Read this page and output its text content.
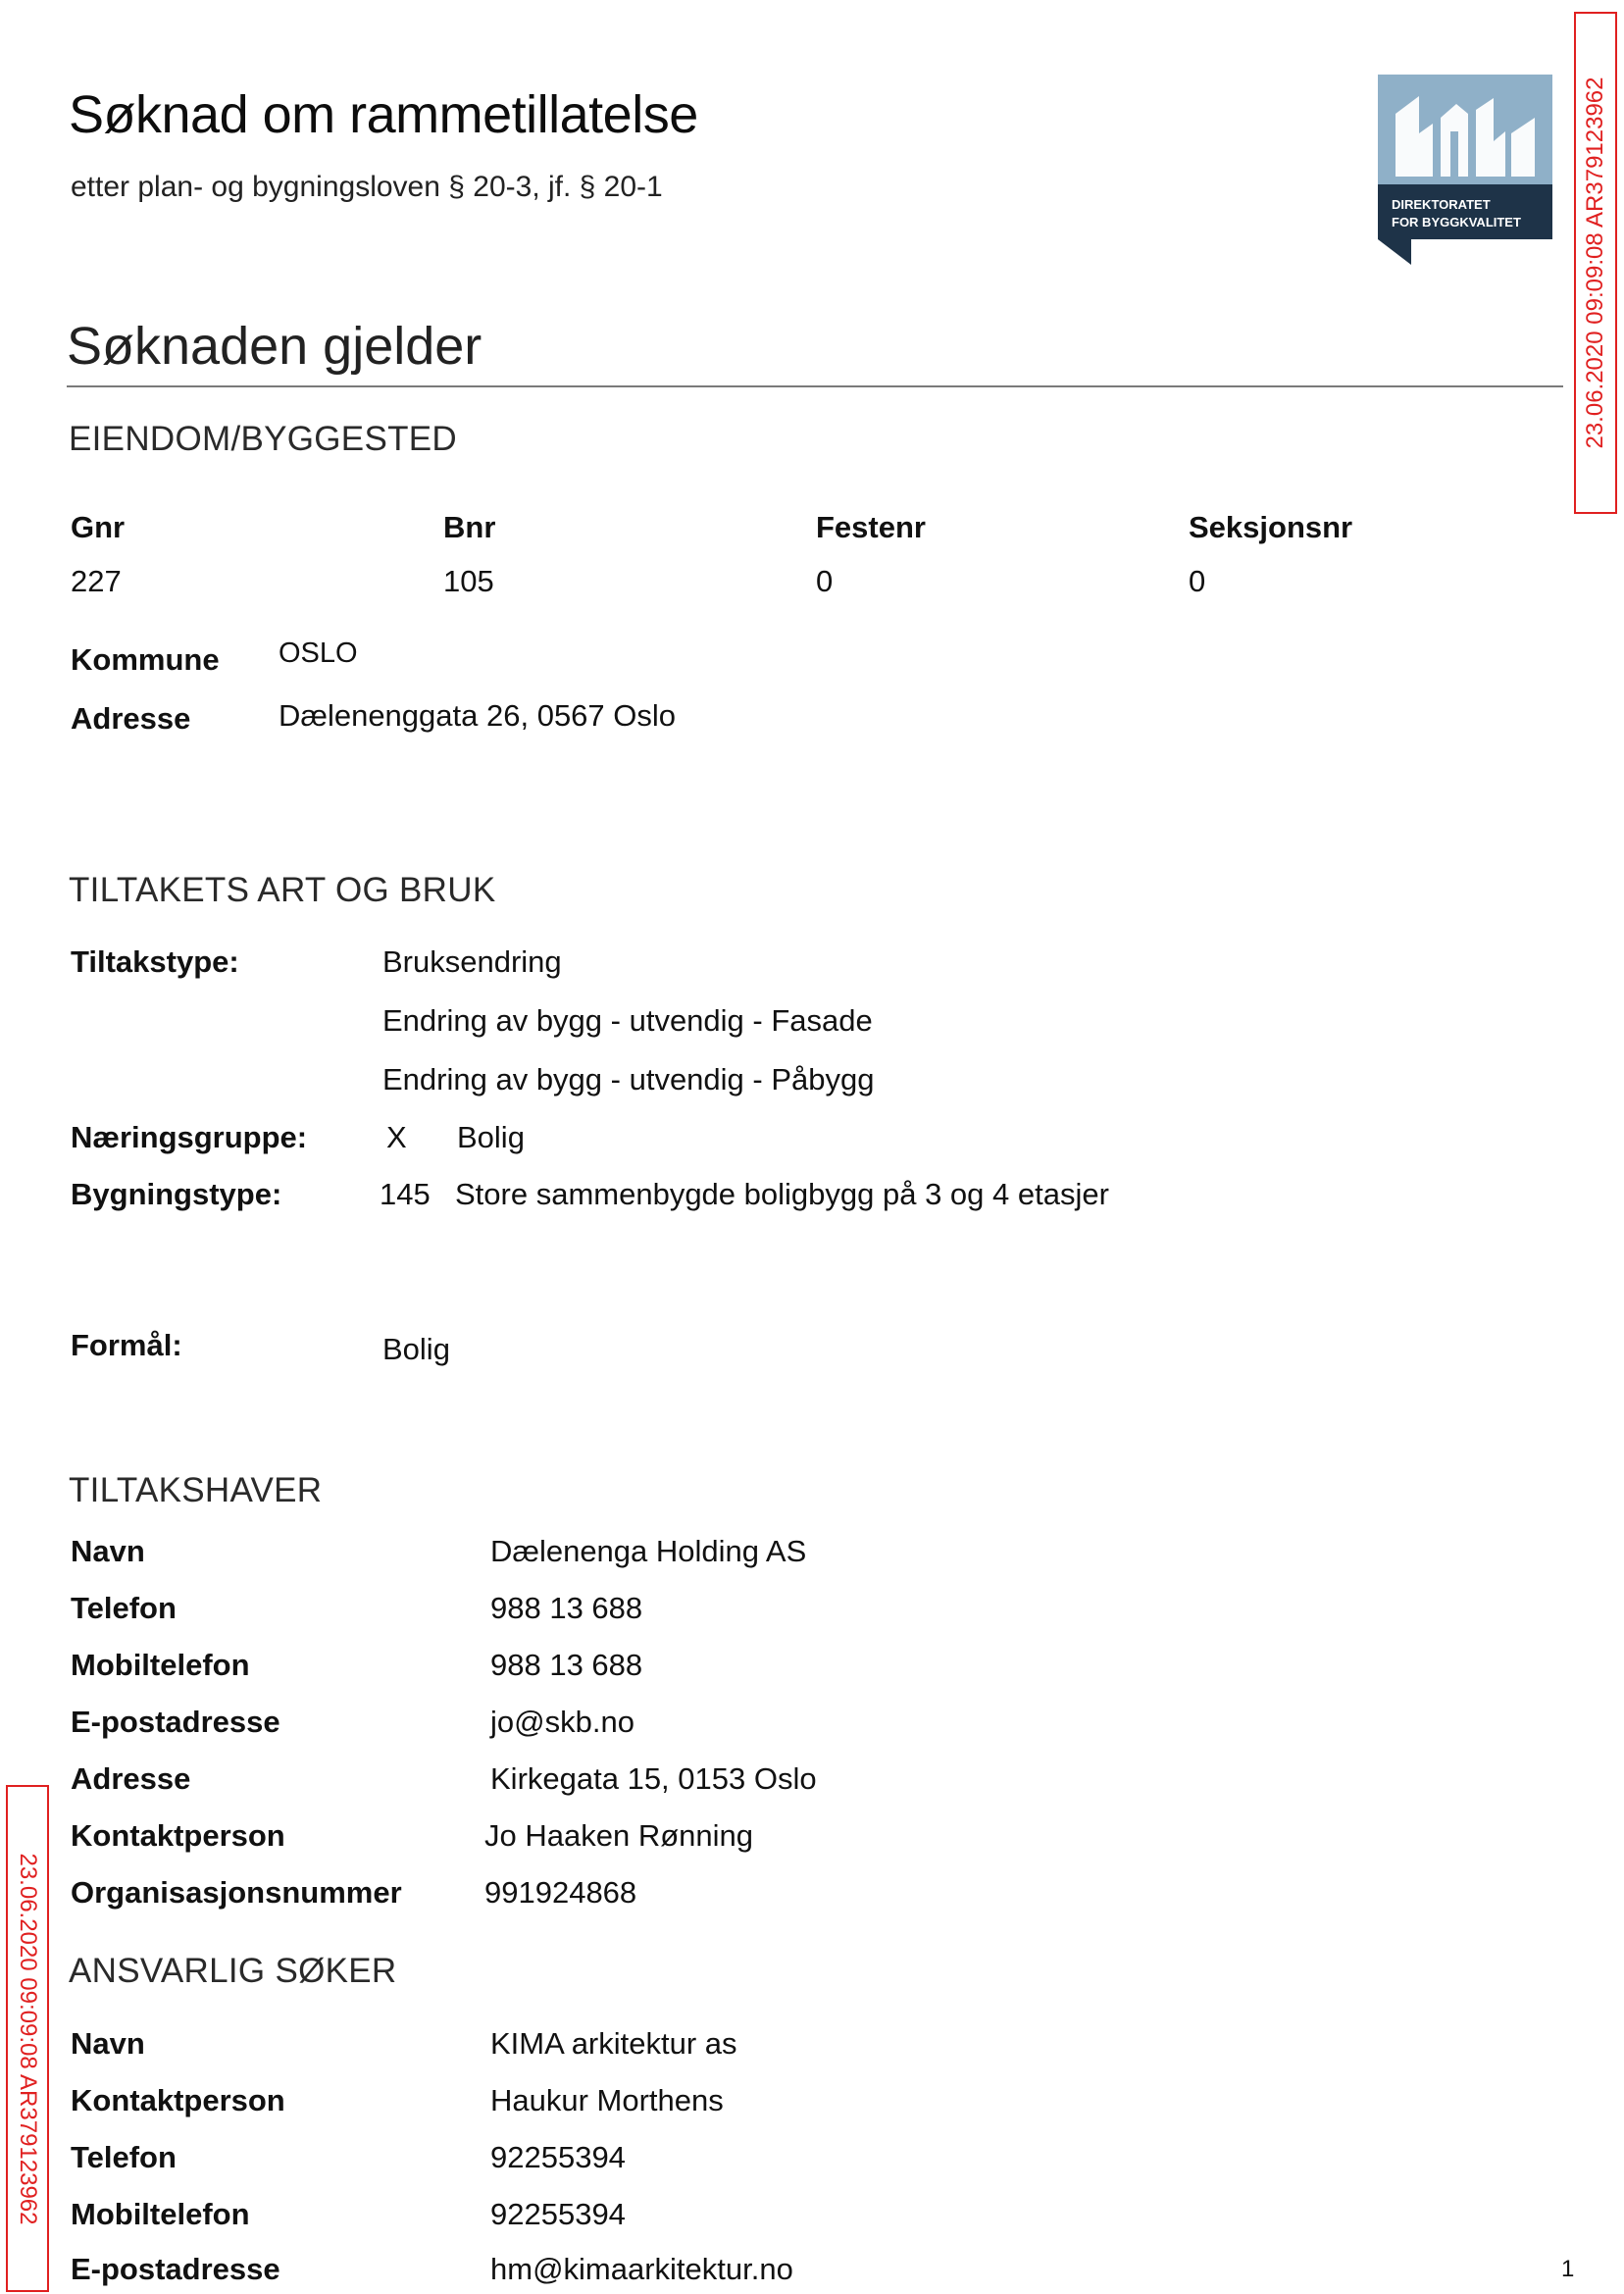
Søknad om rammetillatelse
etter plan- og bygningsloven § 20-3, jf. § 20-1
DIREKTORATET
FOR BYGGKVALITET	23.06.2020 09:09:08 AR379123962
23.06.2020 09:09:08 AR379123962
Søknaden gjelder
EIENDOM/BYGGESTED
Gnr	Bnr	Festenr	Seksjonsnr
227	105	0	0
Kommune OSLO
Adresse	Dælenenggata 26, 0567 Oslo
TILTAKETS ART OG BRUK
Tiltakstype:	Bruksendring
Endring av bygg - utvendig - Fasade
Endring av bygg - utvendig - Påbygg
Næringsgruppe:	X Bolig
Bygningstype:	145 Store sammenbygde boligbygg på 3 og 4 etasjer
Formål:	Bolig
TILTAKSHAVER
Navn	Dælenenga Holding AS
Telefon	988 13 688
Mobiltelefon	988 13 688
E-postadresse	jo@skb.no
Adresse	Kirkegata 15, 0153 Oslo
Kontaktperson	Jo Haaken Rønning
Organisasjonsnummer	991924868
ANSVARLIG SØKER
Navn	KIMA arkitektur as
Kontaktperson	Haukur Morthens
Telefon	92255394
Mobiltelefon	92255394
E-postadresse	hm@kimaarkitektur.no	1
